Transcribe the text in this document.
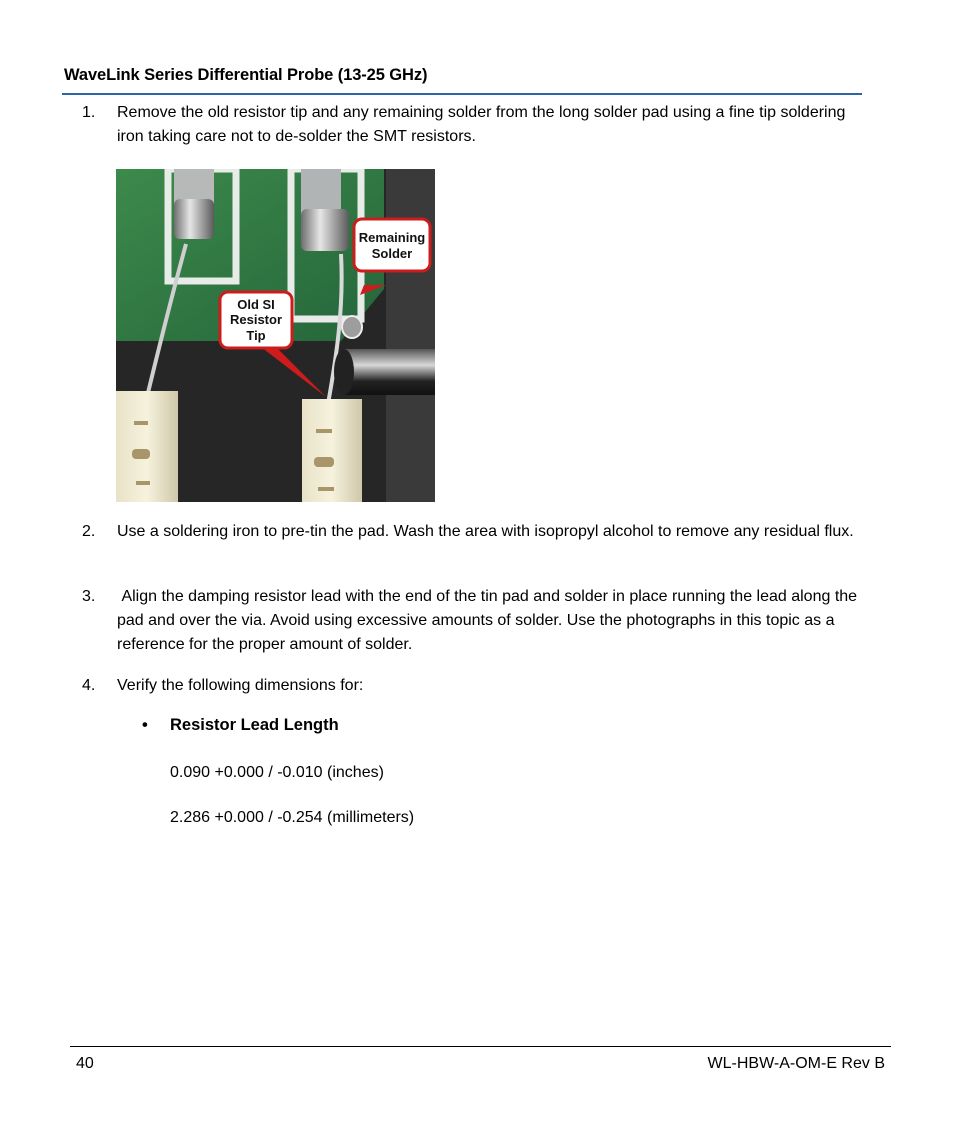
WaveLink Series Differential Probe (13-25 GHz)
1. Remove the old resistor tip and any remaining solder from the long solder pad using a fine tip soldering iron taking care not to de-solder the SMT resistors.
Remaining
Solder
Old SI
Resistor
Tip
2. Use a soldering iron to pre-tin the pad. Wash the area with isopropyl alcohol to remove any residual flux.
3. Align the damping resistor lead with the end of the tin pad and solder in place running the lead along the pad and over the via. Avoid using excessive amounts of solder. Use the photographs in this topic as a reference for the proper amount of solder.
4. Verify the following dimensions for:
• Resistor Lead Length
0.090 +0.000 / -0.010 (inches)
2.286 +0.000 / -0.254 (millimeters)
40	WL-HBW-A-OM-E Rev B
